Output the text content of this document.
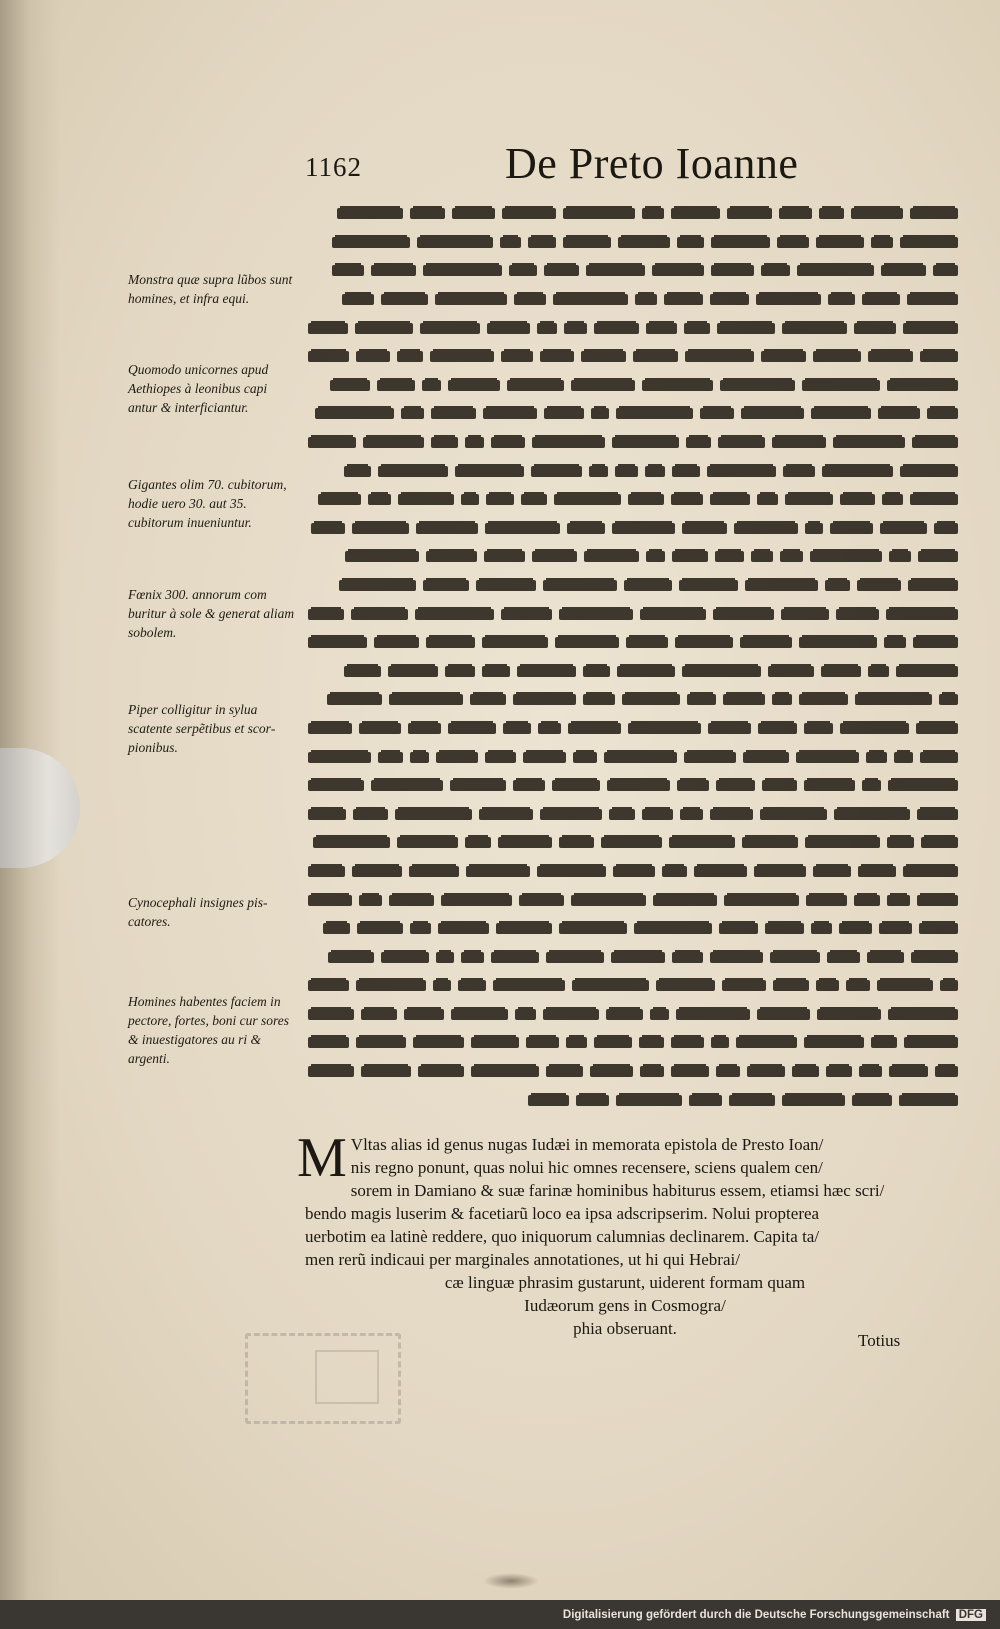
1162	De Preto Ioanne
Monstra quæ supra lũbos sunt homines, et infra equi.
Quomodo unicornes apud Aethiopes à leonibus capi antur & interficiantur.
Gigantes olim 70. cubitorum, hodie uero 30. aut 35. cubitorum inueniuntur.
Fœnix 300. annorum com buritur à sole & generat aliam sobolem.
Piper colligitur in sylua scatente serpẽtibus et scorpionibus.
Cynocephali insignes piscatores.
Homines habentes faciem in pectore, fortes, boni cur sores & inuestigatores au ri & argenti.
M Vltas alias id genus nugas Iudæi in memorata epistola de Presto Ioan/
nis regno ponunt, quas nolui hic omnes recensere, sciens qualem cen/
sorem in Damiano & suæ farinæ hominibus habiturus essem, etiamsi hæc scri/
bendo magis luserim & facetiarũ loco ea ipsa adscripserim. Nolui propterea
uerbotim ea latinè reddere, quo iniquorum calumnias declinarem. Capita ta/
men rerũ indicaui per marginales annotationes, ut hi qui Hebrai/
cæ linguæ phrasim gustarunt, uiderent formam quam
Iudæorum gens in Cosmogra/
phia obseruant.
Totius
Digitalisierung gefördert durch die Deutsche Forschungsgemeinschaft DFG
